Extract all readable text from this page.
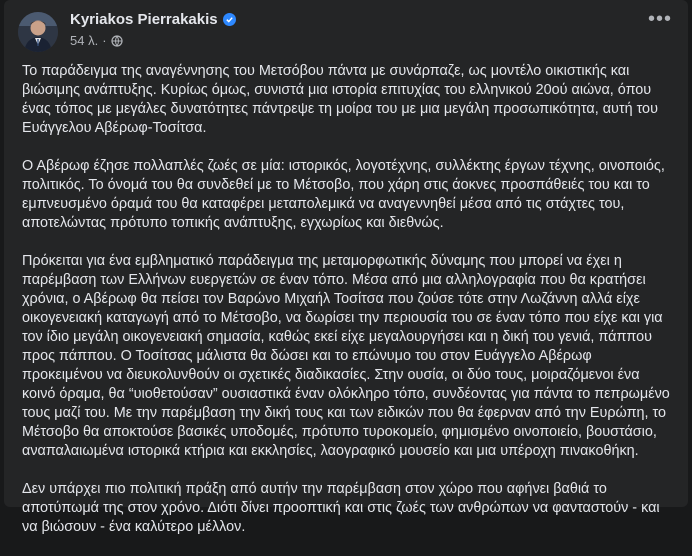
Kyriakos Pierrakakis
54 λ. ·
•••

Το παράδειγμα της αναγέννησης του Μετσόβου πάντα με συνάρπαζε, ως μοντέλο οικιστικής και βιώσιμης ανάπτυξης. Κυρίως όμως, συνιστά μια ιστορία επιτυχίας του ελληνικού 20ού αιώνα, όπου ένας τόπος με μεγάλες δυνατότητες πάντρεψε τη μοίρα του με μια μεγάλη προσωπικότητα, αυτή του Ευάγγελου Αβέρωφ-Τοσίτσα.

Ο Αβέρωφ έζησε πολλαπλές ζωές σε μία: ιστορικός, λογοτέχνης, συλλέκτης έργων τέχνης, οινοποιός, πολιτικός. Το όνομά του θα συνδεθεί με το Μέτσοβο, που χάρη στις άοκνες προσπάθειές του και το εμπνευσμένο όραμά του θα καταφέρει μεταπολεμικά να αναγεννηθεί μέσα από τις στάχτες του, αποτελώντας πρότυπο τοπικής ανάπτυξης, εγχωρίως και διεθνώς.

Πρόκειται για ένα εμβληματικό παράδειγμα της μεταμορφωτικής δύναμης που μπορεί να έχει η παρέμβαση των Ελλήνων ευεργετών σε έναν τόπο. Μέσα από μια αλληλογραφία που θα κρατήσει χρόνια, ο Αβέρωφ θα πείσει τον Βαρώνο Μιχαήλ Τοσίτσα που ζούσε τότε στην Λωζάννη αλλά είχε οικογενειακή καταγωγή από το Μέτσοβο, να δωρίσει την περιουσία του σε έναν τόπο που είχε και για τον ίδιο μεγάλη οικογενειακή σημασία, καθώς εκεί είχε μεγαλουργήσει και η δική του γενιά, πάππου προς πάππου. Ο Τοσίτσας μάλιστα θα δώσει και το επώνυμο του στον Ευάγγελο Αβέρωφ προκειμένου να διευκολυνθούν οι σχετικές διαδικασίες. Στην ουσία, οι δύο τους, μοιραζόμενοι ένα κοινό όραμα, θα “υιοθετούσαν” ουσιαστικά έναν ολόκληρο τόπο, συνδέοντας για πάντα το πεπρωμένο τους μαζί του. Με την παρέμβαση την δική τους και των ειδικών που θα έφερναν από την Ευρώπη, το Μέτσοβο θα αποκτούσε βασικές υποδομές, πρότυπο τυροκομείο, φημισμένο οινοποιείο, βουστάσιο, αναπαλαιωμένα ιστορικά κτήρια και εκκλησίες, λαογραφικό μουσείο και μια υπέροχη πινακοθήκη.

Δεν υπάρχει πιο πολιτική πράξη από αυτήν την παρέμβαση στον χώρο που αφήνει βαθιά το αποτύπωμά της στον χρόνο. Διότι δίνει προοπτική και στις ζωές των ανθρώπων να φανταστούν - και να βιώσουν - ένα καλύτερο μέλλον.
